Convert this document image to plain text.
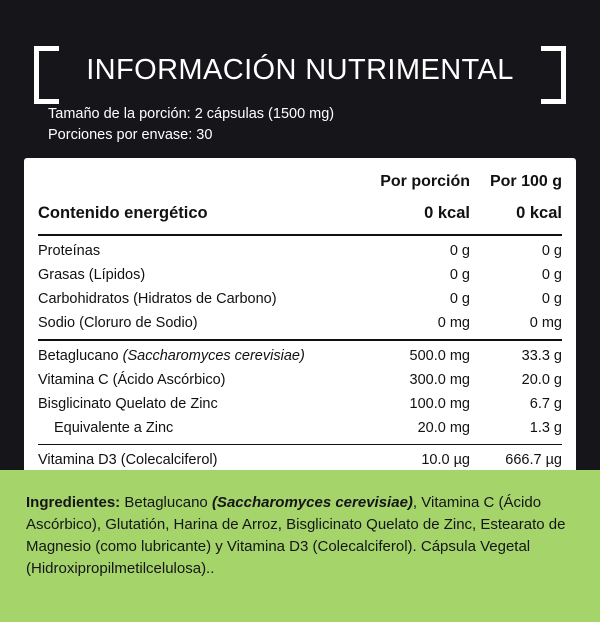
INFORMACIÓN NUTRIMENTAL
Tamaño de la porción: 2 cápsulas (1500 mg)
Porciones por envase: 30
Por porción	Por 100 g
Contenido energético	0 kcal	0 kcal
Proteínas	0 g	0 g
Grasas (Lípidos)	0 g	0 g
Carbohidratos (Hidratos de Carbono)	0 g	0 g
Sodio (Cloruro de Sodio)	0 mg	0 mg
Betaglucano (Saccharomyces cerevisiae)	500.0 mg	33.3 g
Vitamina C (Ácido Ascórbico)	300.0 mg	20.0 g
Bisglicinato Quelato de Zinc	100.0 mg	6.7 g
Equivalente a Zinc	20.0 mg	1.3 g
Vitamina D3 (Colecalciferol)	10.0 µg	666.7 µg
Ingredientes: Betaglucano (Saccharomyces cerevisiae), Vitamina C (Ácido Ascórbico), Glutatión, Harina de Arroz, Bisglicinato Quelato de Zinc, Estearato de Magnesio (como lubricante) y Vitamina D3 (Colecalciferol). Cápsula Vegetal (Hidroxipropilmetilcelulosa)..
